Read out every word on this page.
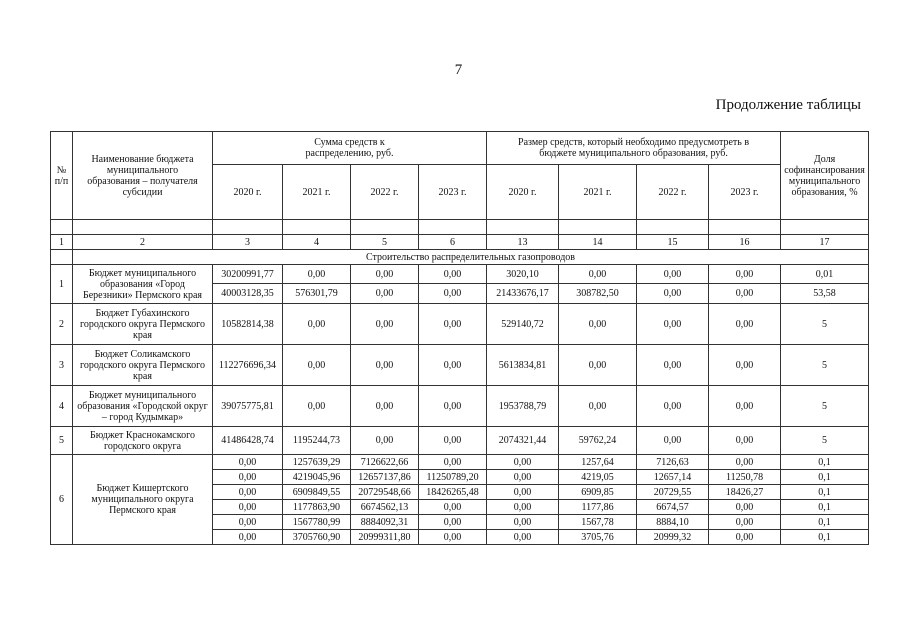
7
Продолжение таблицы
№ п/п	Наименование бюджета муниципального образования – получателя субсидии	Сумма средств к распределению, руб.				Размер средств, который необходимо предусмотреть в бюджете муниципального образования, руб.				Доля софинансирования муниципального образования, %
		2020 г.	2021 г.	2022 г.	2023 г.	2020 г.	2021 г.	2022 г.	2023 г.	

1	2	3	4	5	6	13	14	15	16	17
	Строительство распределительных газопроводов									
1	Бюджет муниципального образования «Город Березники» Пермского края	30200991,77	0,00	0,00	0,00	3020,10	0,00	0,00	0,00	0,01
		40003128,35	576301,79	0,00	0,00	21433676,17	308782,50	0,00	0,00	53,58
2	Бюджет Губахинского городского округа Пермского края	10582814,38	0,00	0,00	0,00	529140,72	0,00	0,00	0,00	5
3	Бюджет Соликамского городского округа Пермского края	112276696,34	0,00	0,00	0,00	5613834,81	0,00	0,00	0,00	5
4	Бюджет муниципального образования «Городской округ – город Кудымкар»	39075775,81	0,00	0,00	0,00	1953788,79	0,00	0,00	0,00	5
5	Бюджет Краснокамского городского округа	41486428,74	1195244,73	0,00	0,00	2074321,44	59762,24	0,00	0,00	5
6	Бюджет Кишертского муниципального округа Пермского края	0,00	1257639,29	7126622,66	0,00	0,00	1257,64	7126,63	0,00	0,1
		0,00	4219045,96	12657137,86	11250789,20	0,00	4219,05	12657,14	11250,78	0,1
		0,00	6909849,55	20729548,66	18426265,48	0,00	6909,85	20729,55	18426,27	0,1
		0,00	1177863,90	6674562,13	0,00	0,00	1177,86	6674,57	0,00	0,1
		0,00	1567780,99	8884092,31	0,00	0,00	1567,78	8884,10	0,00	0,1
		0,00	3705760,90	20999311,80	0,00	0,00	3705,76	20999,32	0,00	0,1
